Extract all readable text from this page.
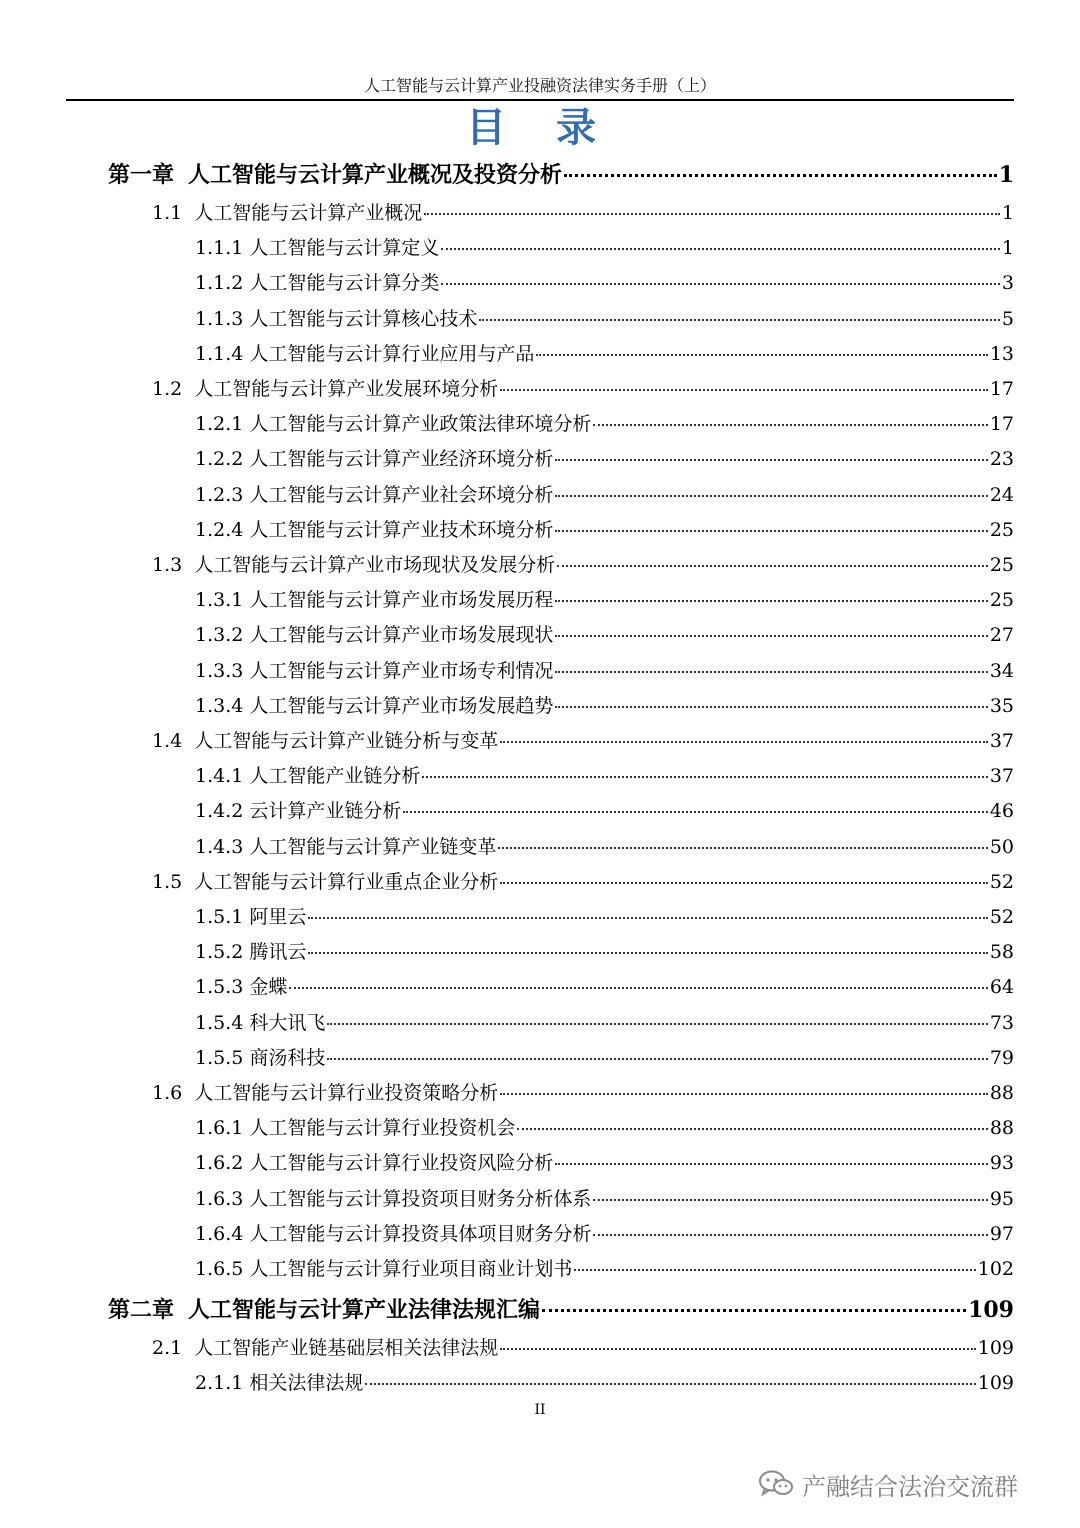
人工智能与云计算产业投融资法律实务手册（上）
目 录
第一章 人工智能与云计算产业概况及投资分析	1
1.1 人工智能与云计算产业概况	1
1.1.1 人工智能与云计算定义	1
1.1.2 人工智能与云计算分类	3
1.1.3 人工智能与云计算核心技术	5
1.1.4 人工智能与云计算行业应用与产品	13
1.2 人工智能与云计算产业发展环境分析	17
1.2.1 人工智能与云计算产业政策法律环境分析	17
1.2.2 人工智能与云计算产业经济环境分析	23
1.2.3 人工智能与云计算产业社会环境分析	24
1.2.4 人工智能与云计算产业技术环境分析	25
1.3 人工智能与云计算产业市场现状及发展分析	25
1.3.1 人工智能与云计算产业市场发展历程	25
1.3.2 人工智能与云计算产业市场发展现状	27
1.3.3 人工智能与云计算产业市场专利情况	34
1.3.4 人工智能与云计算产业市场发展趋势	35
1.4 人工智能与云计算产业链分析与变革	37
1.4.1 人工智能产业链分析	37
1.4.2 云计算产业链分析	46
1.4.3 人工智能与云计算产业链变革	50
1.5 人工智能与云计算行业重点企业分析	52
1.5.1 阿里云	52
1.5.2 腾讯云	58
1.5.3 金蝶	64
1.5.4 科大讯飞	73
1.5.5 商汤科技	79
1.6 人工智能与云计算行业投资策略分析	88
1.6.1 人工智能与云计算行业投资机会	88
1.6.2 人工智能与云计算行业投资风险分析	93
1.6.3 人工智能与云计算投资项目财务分析体系	95
1.6.4 人工智能与云计算投资具体项目财务分析	97
1.6.5 人工智能与云计算行业项目商业计划书	102
第二章 人工智能与云计算产业法律法规汇编	109
2.1 人工智能产业链基础层相关法律法规	109
2.1.1 相关法律法规	109
II
产融结合法治交流群
